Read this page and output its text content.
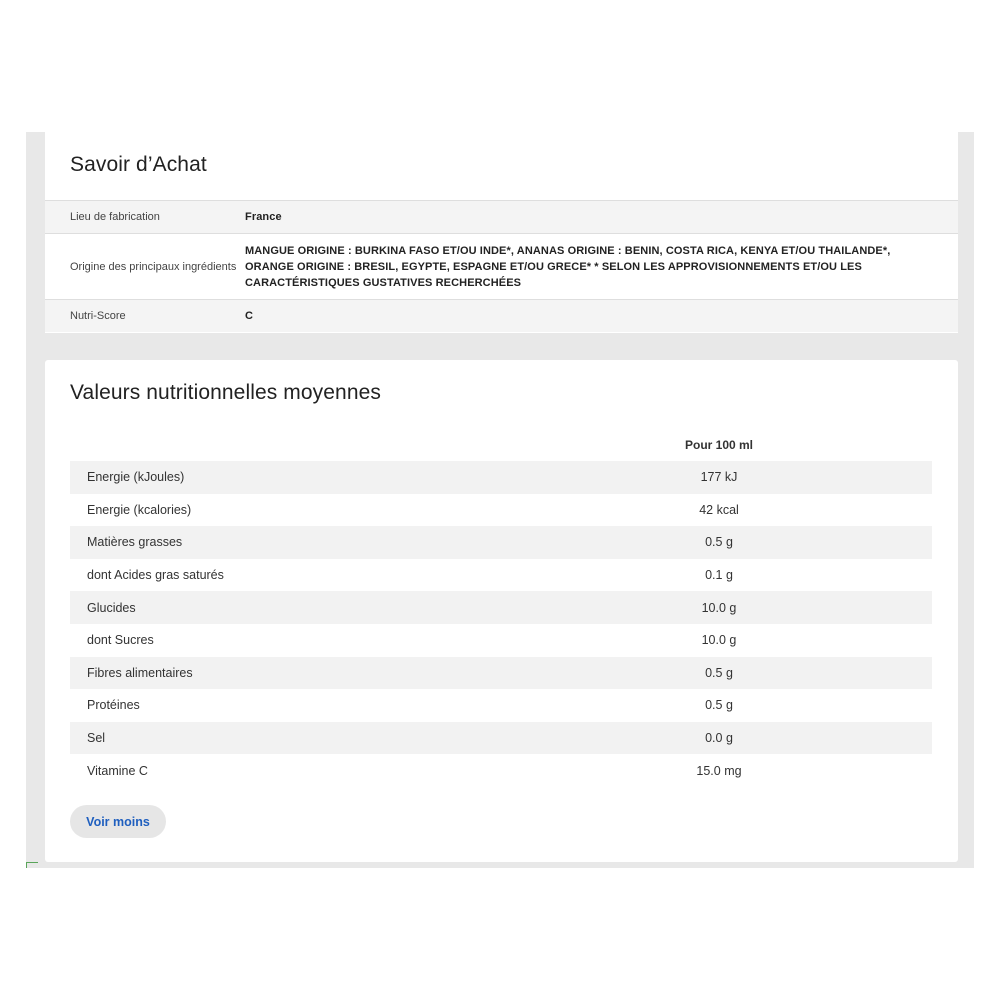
Savoir d’Achat
Lieu de fabrication	France
Origine des principaux ingrédients
MANGUE ORIGINE : BURKINA FASO ET/OU INDE*, ANANAS ORIGINE : BENIN, COSTA RICA, KENYA ET/OU THAILANDE*, ORANGE ORIGINE : BRESIL, EGYPTE, ESPAGNE ET/OU GRECE* * SELON LES APPROVISIONNEMENTS ET/OU LES CARACTÉRISTIQUES GUSTATIVES RECHERCHÉES
Nutri-Score	C
Valeurs nutritionnelles moyennes
Pour 100 ml
Energie (kJoules)	177 kJ
Energie (kcalories)	42 kcal
Matières grasses	0.5 g
dont Acides gras saturés	0.1 g
Glucides	10.0 g
dont Sucres	10.0 g
Fibres alimentaires	0.5 g
Protéines	0.5 g
Sel	0.0 g
Vitamine C	15.0 mg
Voir moins
